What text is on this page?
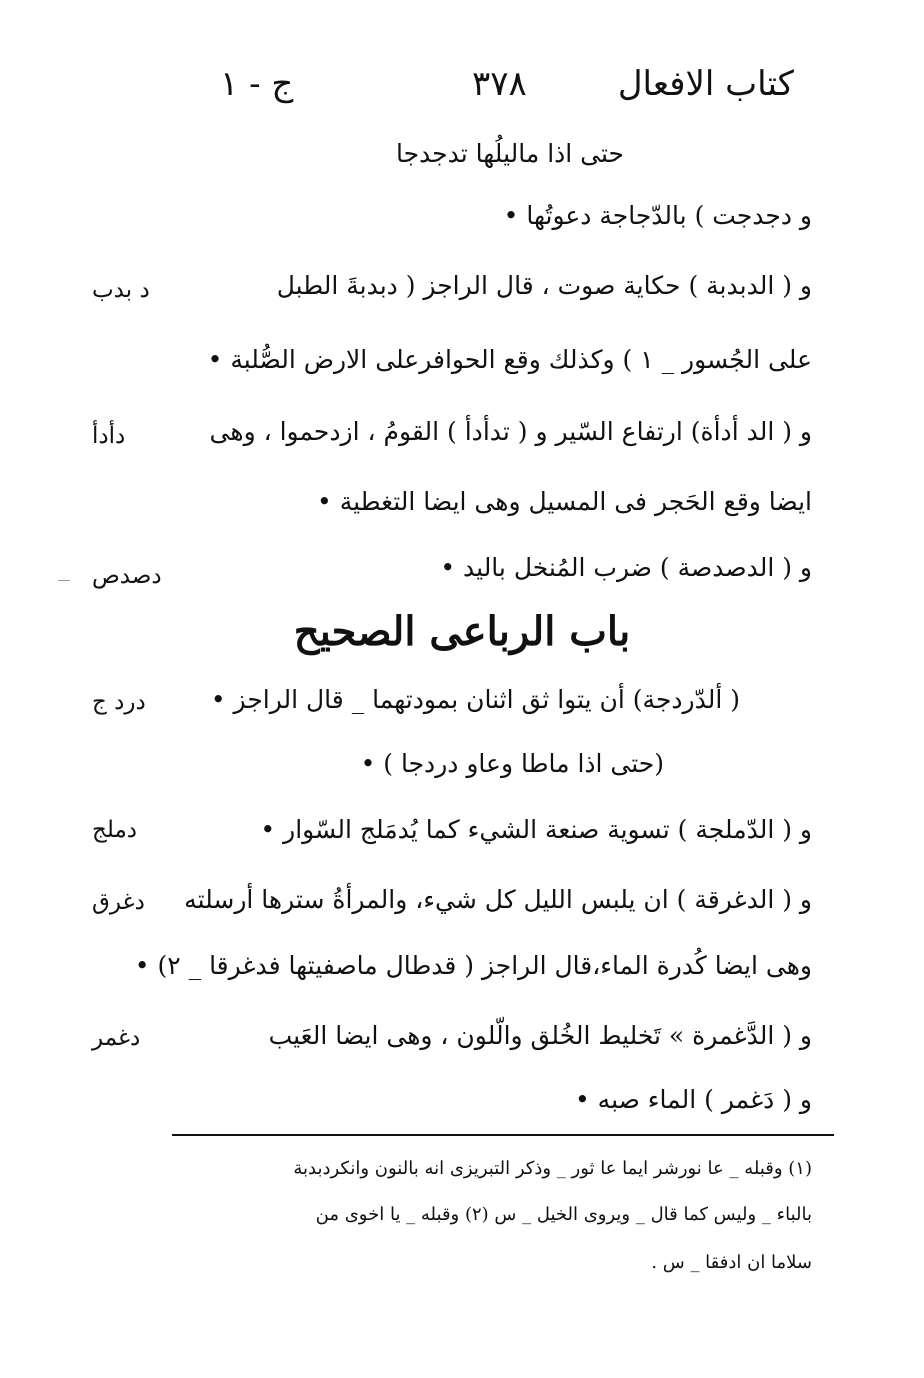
كتاب الافعال
٣٧٨
ج - ١
حتى اذا ماليلُها تدجدجا
و دجدجت ) بالدّجاجة دعوتُها •
و ( الدبدبة ) حكاية صوت ، قال الراجز ( دبدبةَ الطبل
على الجُسور _ ١ ) وكذلك وقع الحوافرعلى الارض الصُّلبة •
و ( الد أدأة) ارتفاع السّير و ( تدأدأ ) القومُ ، ازدحموا ، وهى
ايضا وقع الحَجر فى المسيل وهى ايضا التغطية •
و ( الدصدصة ) ضرب المُنخل باليد •
د بدب
دأدأ
دصدص
باب الرباعى الصحيح
( ألدّردجة) أن يتوا ثق اثنان بمودتهما _ قال الراجز •
(حتى اذا ماطا وعاو دردجا ) •
و ( الدّملجة ) تسوية صنعة الشيء كما يُدمَلج السّوار •
و ( الدغرقة ) ان يلبس الليل كل شيء، والمرأةُ سترها أرسلته
وهى ايضا كُدرة الماء،قال الراجز ( قدطال ماصفيتها فدغرقا _ ٢) •
و ( الدَّغمرة » تَخليط الخُلق والّلون ، وهى ايضا العَيب
و ( دَغمر ) الماء صبه •
درد ج
دملج
دغرق
دغمر
(١) وقبله _ عا نورشر ايما عا ثور _ وذكر التبريزى انه بالنون وانكردبدبة
بالباء _ وليس كما قال _ ويروى الخيل _ س (٢) وقبله _ يا اخوى من
سلاما ان ادفقا _ س .
